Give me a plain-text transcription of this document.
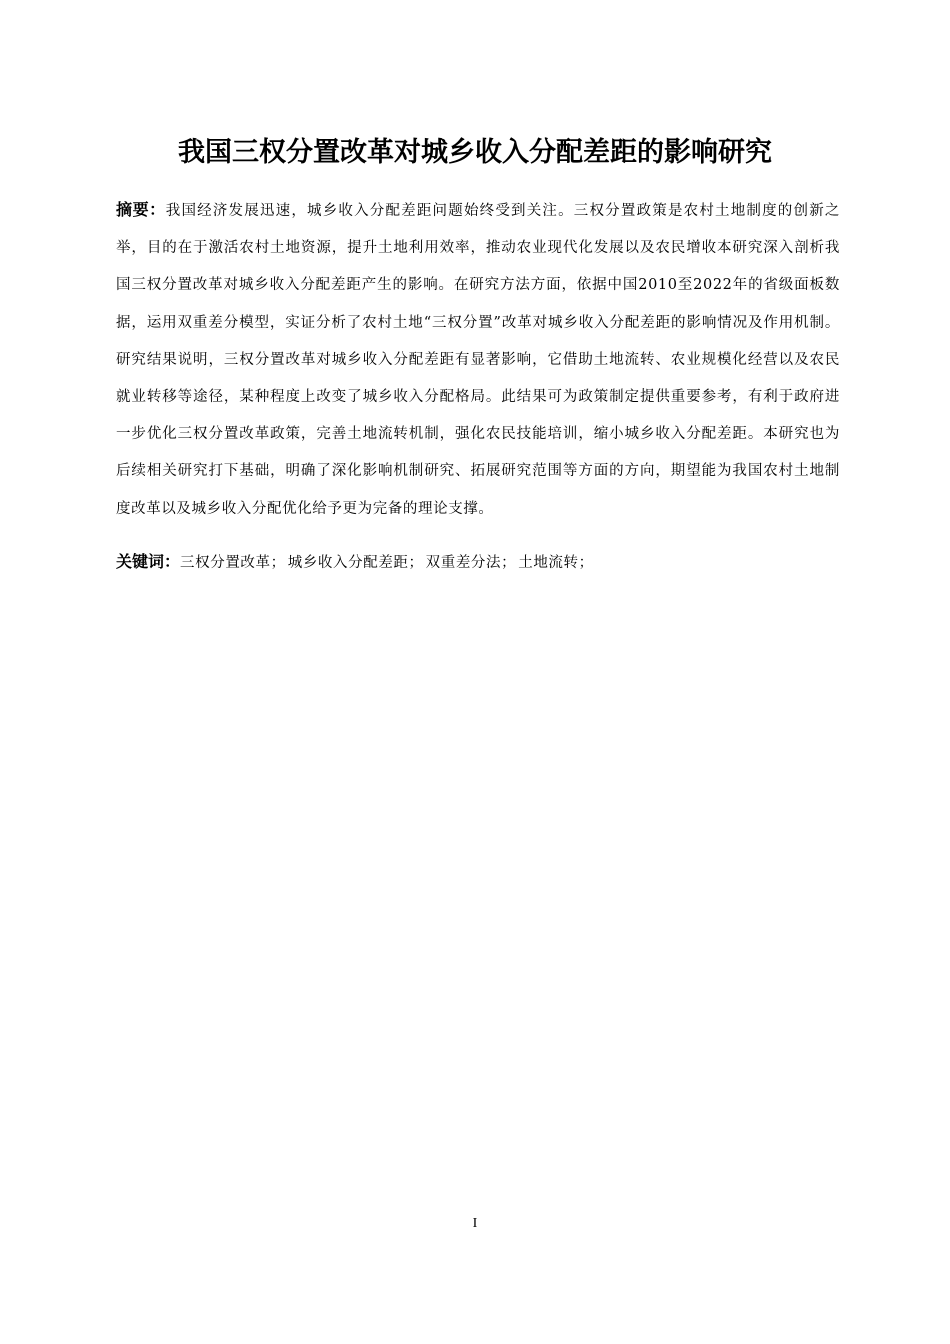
我国三权分置改革对城乡收入分配差距的影响研究

摘要：我国经济发展迅速，城乡收入分配差距问题始终受到关注。三权分置政策是农村土地制度的创新之举，目的在于激活农村土地资源，提升土地利用效率，推动农业现代化发展以及农民增收本研究深入剖析我国三权分置改革对城乡收入分配差距产生的影响。在研究方法方面，依据中国2010至2022年的省级面板数据，运用双重差分模型，实证分析了农村土地“三权分置”改革对城乡收入分配差距的影响情况及作用机制。研究结果说明，三权分置改革对城乡收入分配差距有显著影响，它借助土地流转、农业规模化经营以及农民就业转移等途径，某种程度上改变了城乡收入分配格局。此结果可为政策制定提供重要参考，有利于政府进一步优化三权分置改革政策，完善土地流转机制，强化农民技能培训，缩小城乡收入分配差距。本研究也为后续相关研究打下基础，明确了深化影响机制研究、拓展研究范围等方面的方向，期望能为我国农村土地制度改革以及城乡收入分配优化给予更为完备的理论支撑。

关键词：三权分置改革； 城乡收入分配差距； 双重差分法； 土地流转；

I
